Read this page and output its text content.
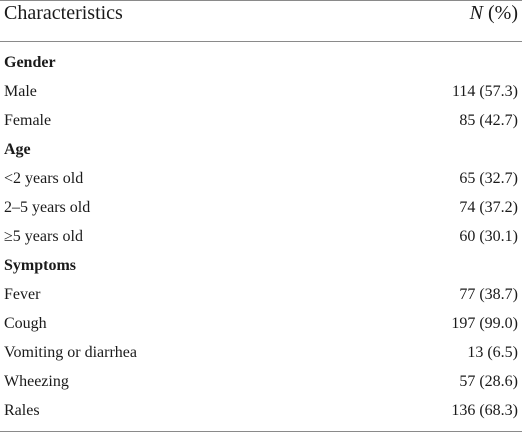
Characteristics	N (%)
Gender
Male	114 (57.3)
Female	85 (42.7)
Age
<2 years old	65 (32.7)
2–5 years old	74 (37.2)
≥5 years old	60 (30.1)
Symptoms
Fever	77 (38.7)
Cough	197 (99.0)
Vomiting or diarrhea	13 (6.5)
Wheezing	57 (28.6)
Rales	136 (68.3)
